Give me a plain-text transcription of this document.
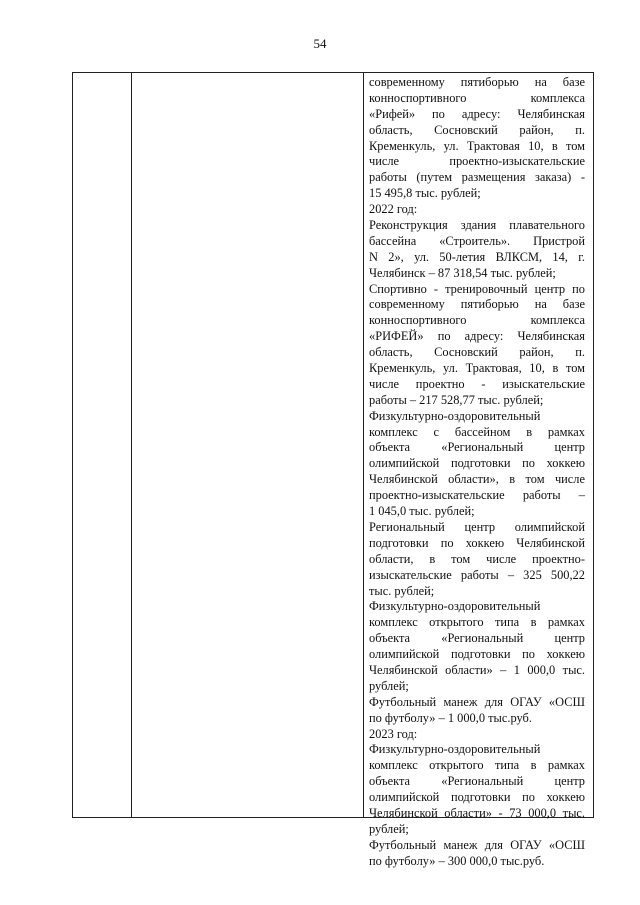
54
современному пятиборью на базе
конноспортивного комплекса
«Рифей» по адресу: Челябинская
область, Сосновский район, п.
Кременкуль, ул. Трактовая 10, в том
числе проектно-изыскательские
работы (путем размещения заказа) -
15 495,8 тыс. рублей;
2022 год:
Реконструкция здания плавательного
бассейна «Строитель». Пристрой
N 2», ул. 50-летия ВЛКСМ, 14, г.
Челябинск – 87 318,54 тыс. рублей;
Спортивно - тренировочный центр по
современному пятиборью на базе
конноспортивного комплекса
«РИФЕЙ» по адресу: Челябинская
область, Сосновский район, п.
Кременкуль, ул. Трактовая, 10, в том
числе проектно - изыскательские
работы – 217 528,77 тыс. рублей;
Физкультурно-оздоровительный
комплекс с бассейном в рамках
объекта «Региональный центр
олимпийской подготовки по хоккею
Челябинской области», в том числе
проектно-изыскательские работы –
1 045,0 тыс. рублей;
Региональный центр олимпийской
подготовки по хоккею Челябинской
области, в том числе проектно-
изыскательские работы – 325 500,22
тыс. рублей;
Физкультурно-оздоровительный
комплекс открытого типа в рамках
объекта «Региональный центр
олимпийской подготовки по хоккею
Челябинской области» – 1 000,0 тыс.
рублей;
Футбольный манеж для ОГАУ «ОСШ
по футболу» – 1 000,0 тыс.руб.
2023 год:
Физкультурно-оздоровительный
комплекс открытого типа в рамках
объекта «Региональный центр
олимпийской подготовки по хоккею
Челябинской области» - 73 000,0 тыс.
рублей;
Футбольный манеж для ОГАУ «ОСШ
по футболу» – 300 000,0 тыс.руб.
